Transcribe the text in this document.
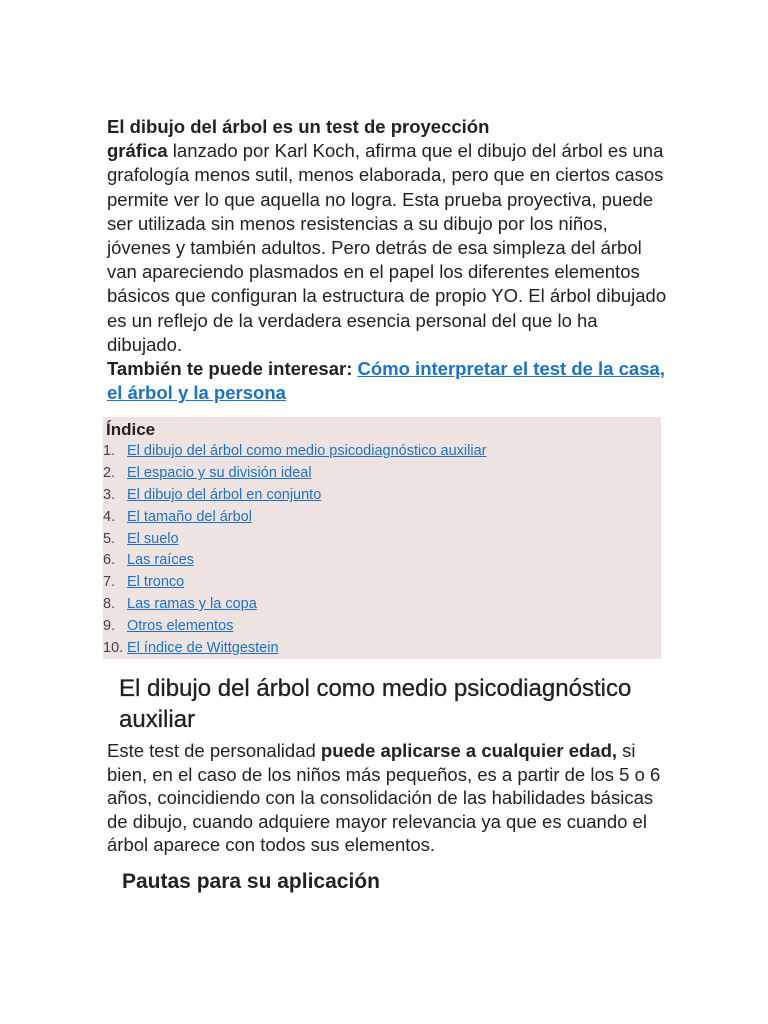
El dibujo del árbol es un test de proyección
gráfica lanzado por Karl Koch, afirma que el dibujo del árbol es una grafología menos sutil, menos elaborada, pero que en ciertos casos permite ver lo que aquella no logra. Esta prueba proyectiva, puede ser utilizada sin menos resistencias a su dibujo por los niños, jóvenes y también adultos. Pero detrás de esa simpleza del árbol van apareciendo plasmados en el papel los diferentes elementos básicos que configuran la estructura de propio YO. El árbol dibujado es un reflejo de la verdadera esencia personal del que lo ha dibujado.

También te puede interesar: Cómo interpretar el test de la casa, el árbol y la persona

Índice
1. El dibujo del árbol como medio psicodiagnóstico auxiliar
2. El espacio y su división ideal
3. El dibujo del árbol en conjunto
4. El tamaño del árbol
5. El suelo
6. Las raíces
7. El tronco
8. Las ramas y la copa
9. Otros elementos
10. El índice de Wittgestein
El dibujo del árbol como medio psicodiagnóstico auxiliar

Este test de personalidad puede aplicarse a cualquier edad, si bien, en el caso de los niños más pequeños, es a partir de los 5 o 6 años, coincidiendo con la consolidación de las habilidades básicas de dibujo, cuando adquiere mayor relevancia ya que es cuando el árbol aparece con todos sus elementos.

Pautas para su aplicación
